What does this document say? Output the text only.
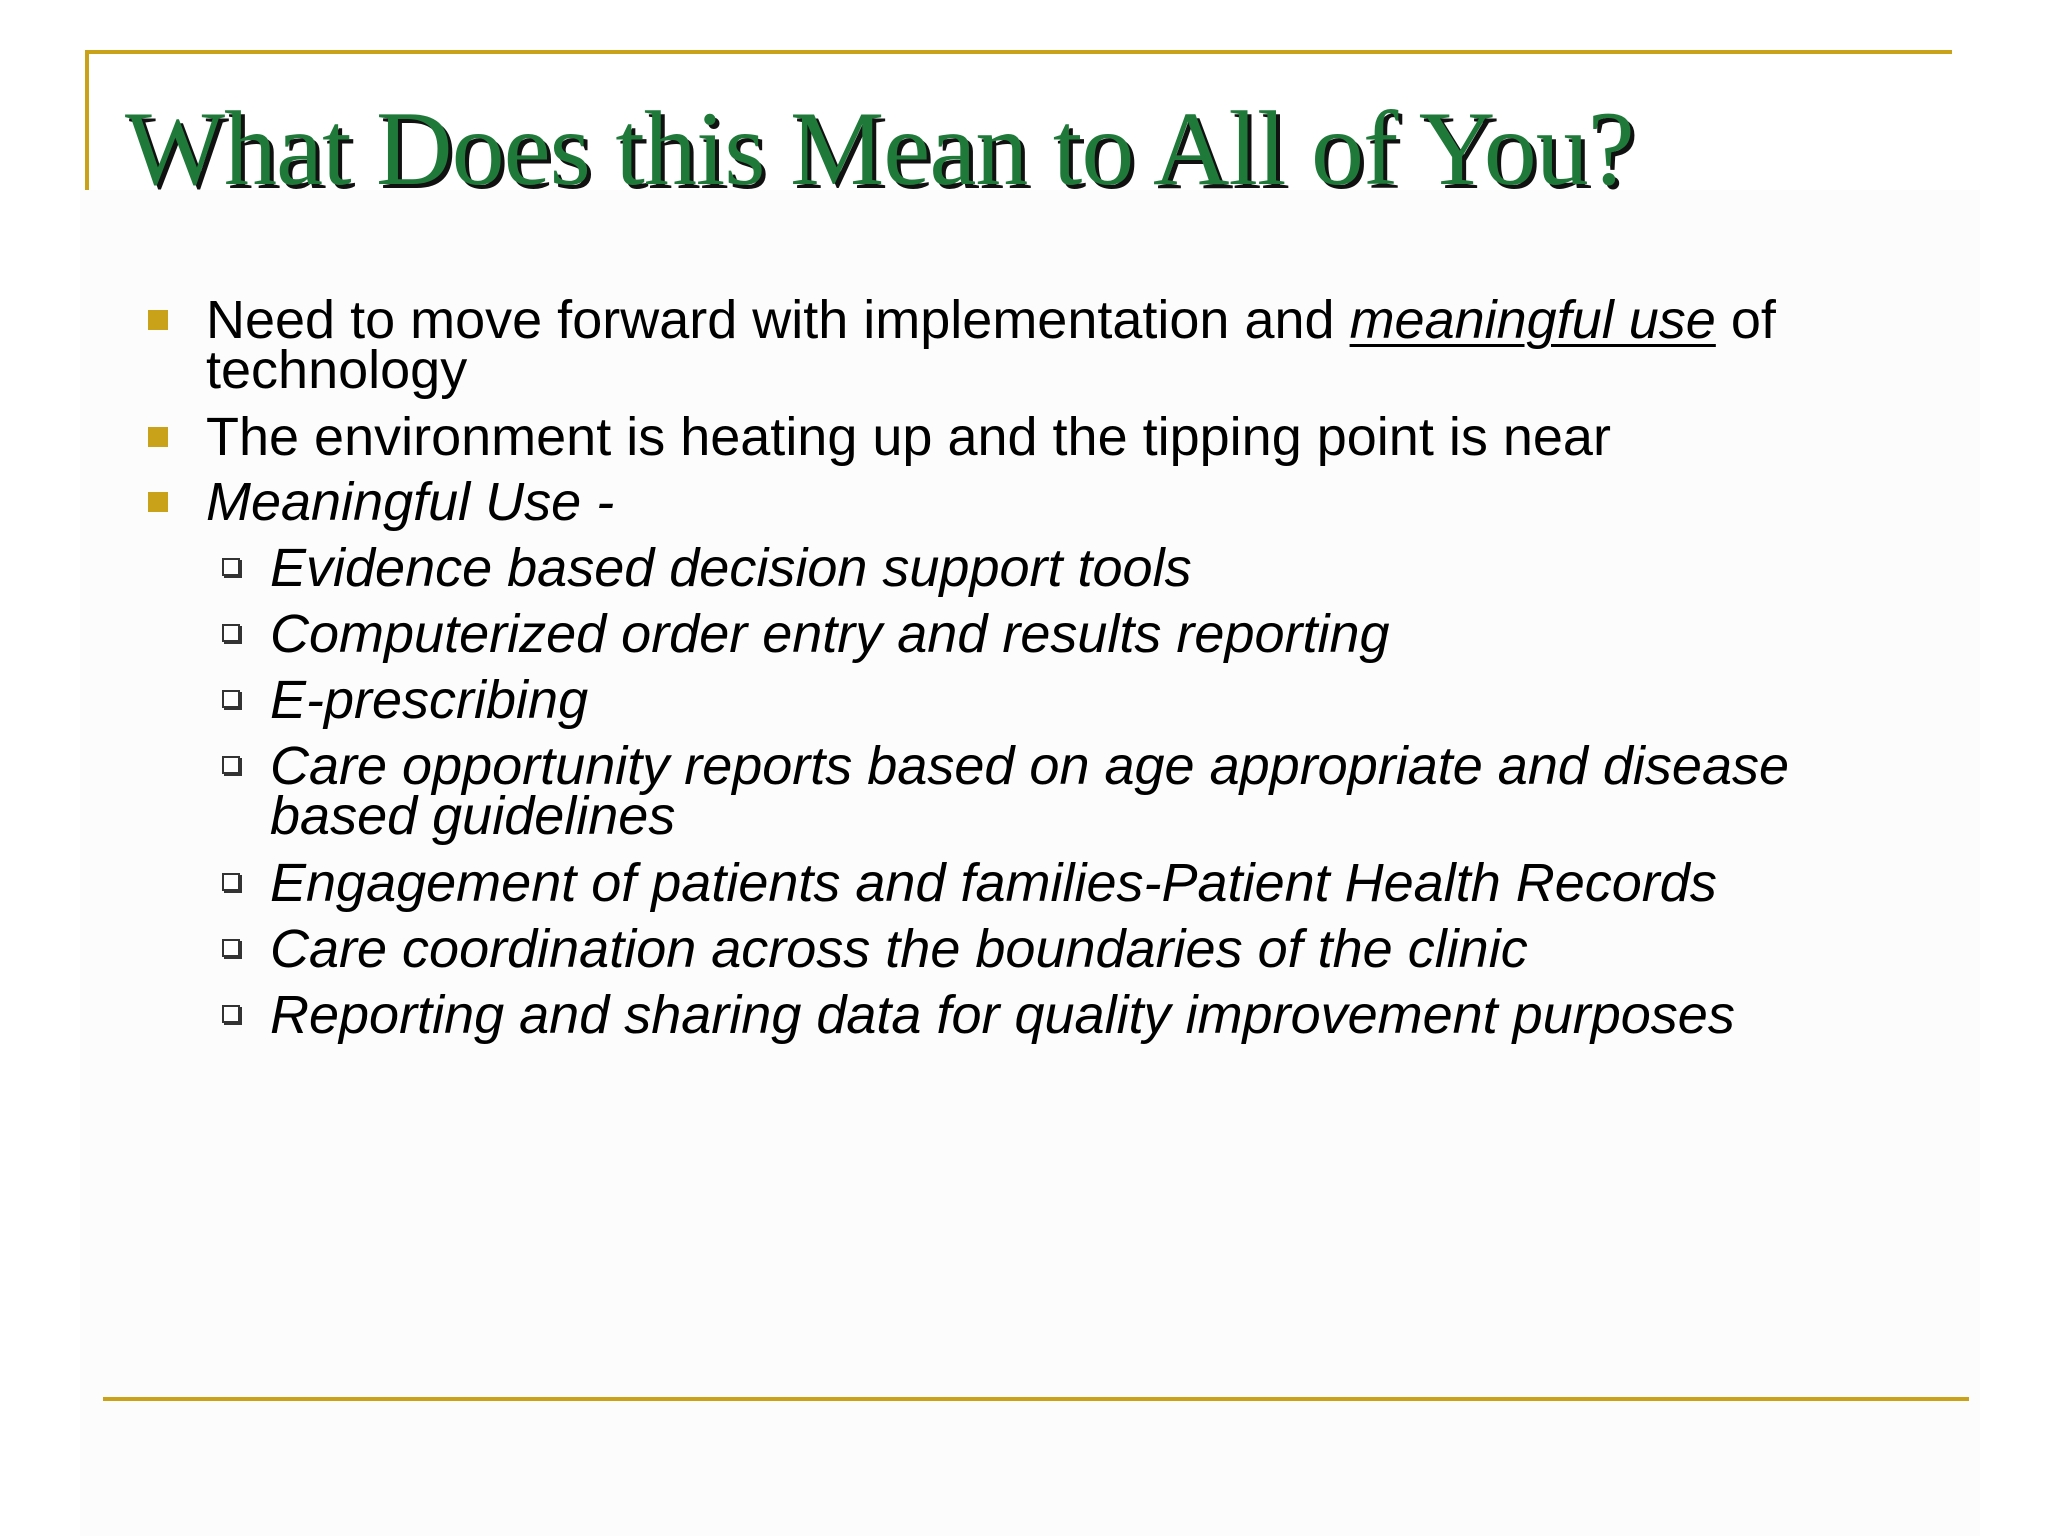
What Does this Mean to All of You?
Need to move forward with implementation and meaningful use of
technology
The environment is heating up and the tipping point is near
Meaningful Use -
Evidence based decision support tools
Computerized order entry and results reporting
E-prescribing
Care opportunity reports based on age appropriate and disease
based guidelines
Engagement of patients and families-Patient Health Records
Care coordination across the boundaries of the clinic
Reporting and sharing data for quality improvement purposes
